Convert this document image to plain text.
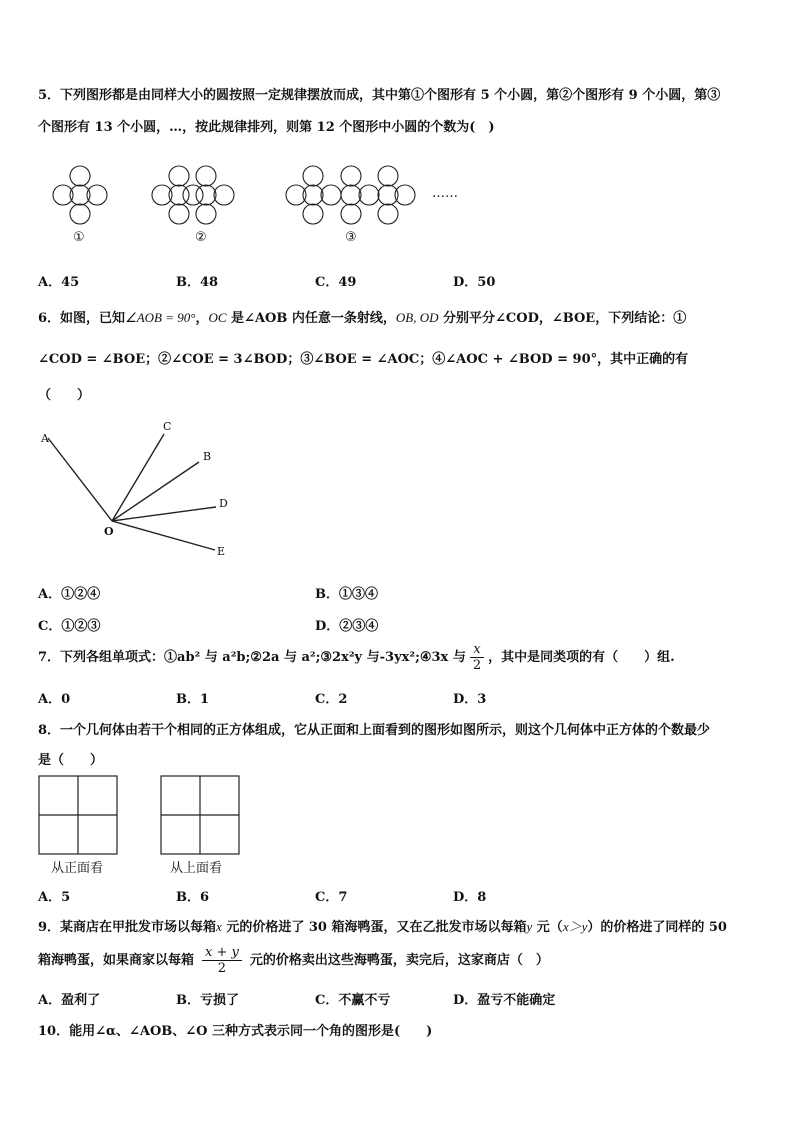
5．下列图形都是由同样大小的圆按照一定规律摆放而成，其中第①个图形有 5 个小圆，第②个图形有 9 个小圆，第③
个图形有 13 个小圆，…，按此规律排列，则第 12 个图形中小圆的个数为(　)
①	②	③
……
A．45	B．48	C．49	D．50
6．如图，已知∠AOB = 90°，OC 是∠AOB 内任意一条射线，OB, OD 分别平分∠COD，∠BOE，下列结论：①
∠COD = ∠BOE；②∠COE = 3∠BOD；③∠BOE = ∠AOC；④∠AOC + ∠BOD = 90°，其中正确的有
（　　）
A
C
B
D
E
O
A．①②④	B．①③④
C．①②③	D．②③④
7．下列各组单项式：①ab² 与 a²b;②2a 与 a²;③2x²y 与-3yx²;④3x 与 $\frac{x}{2}$ ，其中是同类项的有（　　）组.
A．0	B．1	C．2	D．3
8．一个几何体由若干个相同的正方体组成，它从正面和上面看到的图形如图所示，则这个几何体中正方体的个数最少
是（　　）
从正面看	从上面看
A．5	B．6	C．7	D．8
9．某商店在甲批发市场以每箱x 元的价格进了 30 箱海鸭蛋，又在乙批发市场以每箱y 元（x＞y）的价格进了同样的 50
箱海鸭蛋，如果商家以每箱 $\frac{x + y}{2}$ 元的价格卖出这些海鸭蛋，卖完后，这家商店（　）
A．盈利了	B．亏损了	C．不赢不亏	D．盈亏不能确定
10．能用∠α、∠AOB、∠O 三种方式表示同一个角的图形是(　　)
